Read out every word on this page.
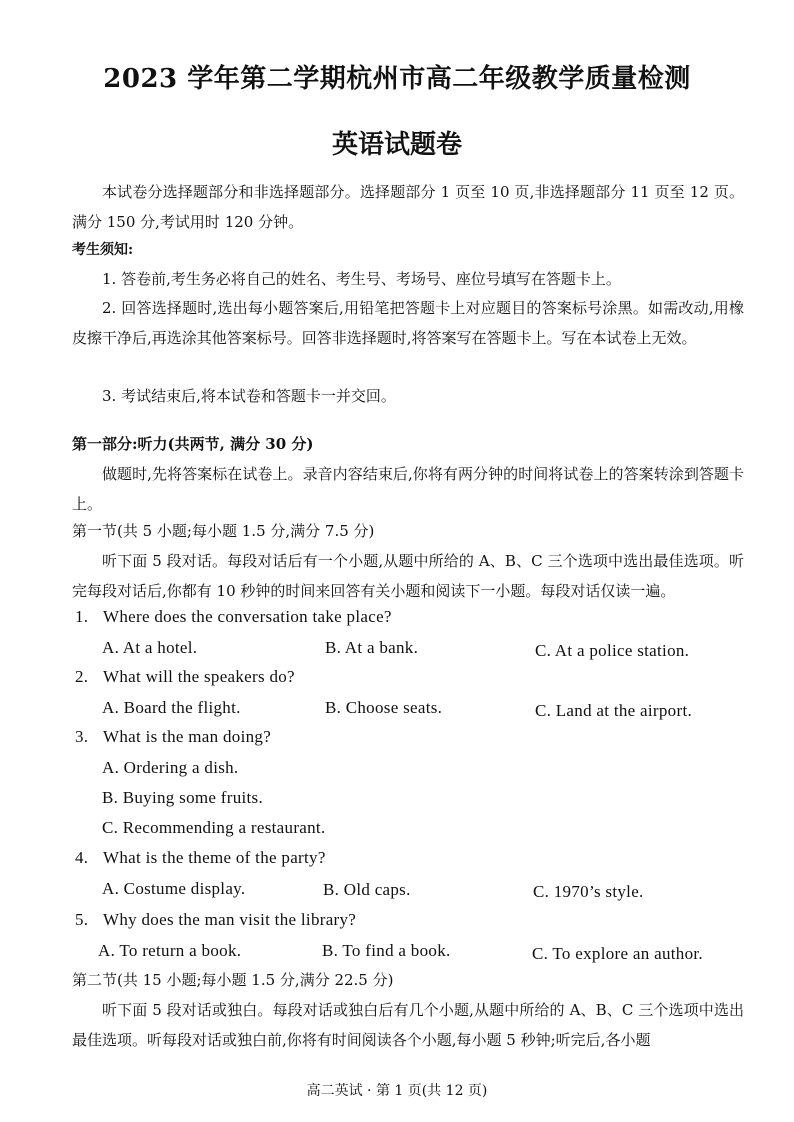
2023 学年第二学期杭州市高二年级教学质量检测
英语试题卷
本试卷分选择题部分和非选择题部分。选择题部分 1 页至 10 页,非选择题部分 11 页至 12 页。满分 150 分,考试用时 120 分钟。
考生须知:
1. 答卷前,考生务必将自己的姓名、考生号、考场号、座位号填写在答题卡上。
2. 回答选择题时,选出每小题答案后,用铅笔把答题卡上对应题目的答案标号涂黑。如需改动,用橡皮擦干净后,再选涂其他答案标号。回答非选择题时,将答案写在答题卡上。写在本试卷上无效。
3. 考试结束后,将本试卷和答题卡一并交回。
第一部分:听力(共两节, 满分 30 分)
做题时,先将答案标在试卷上。录音内容结束后,你将有两分钟的时间将试卷上的答案转涂到答题卡上。
第一节(共 5 小题;每小题 1.5 分,满分 7.5 分)
听下面 5 段对话。每段对话后有一个小题,从题中所给的 A、B、C 三个选项中选出最佳选项。听完每段对话后,你都有 10 秒钟的时间来回答有关小题和阅读下一小题。每段对话仅读一遍。
1. Where does the conversation take place?
A. At a hotel.	B. At a bank.	C. At a police station.
2. What will the speakers do?
A. Board the flight.	B. Choose seats.	C. Land at the airport.
3. What is the man doing?
A. Ordering a dish.
B. Buying some fruits.
C. Recommending a restaurant.
4. What is the theme of the party?
A. Costume display.	B. Old caps.	C. 1970’s style.
5. Why does the man visit the library?
A. To return a book.	B. To find a book.	C. To explore an author.
第二节(共 15 小题;每小题 1.5 分,满分 22.5 分)
听下面 5 段对话或独白。每段对话或独白后有几个小题,从题中所给的 A、B、C 三个选项中选出最佳选项。听每段对话或独白前,你将有时间阅读各个小题,每小题 5 秒钟;听完后,各小题
高二英试 · 第 1 页(共 12 页)
